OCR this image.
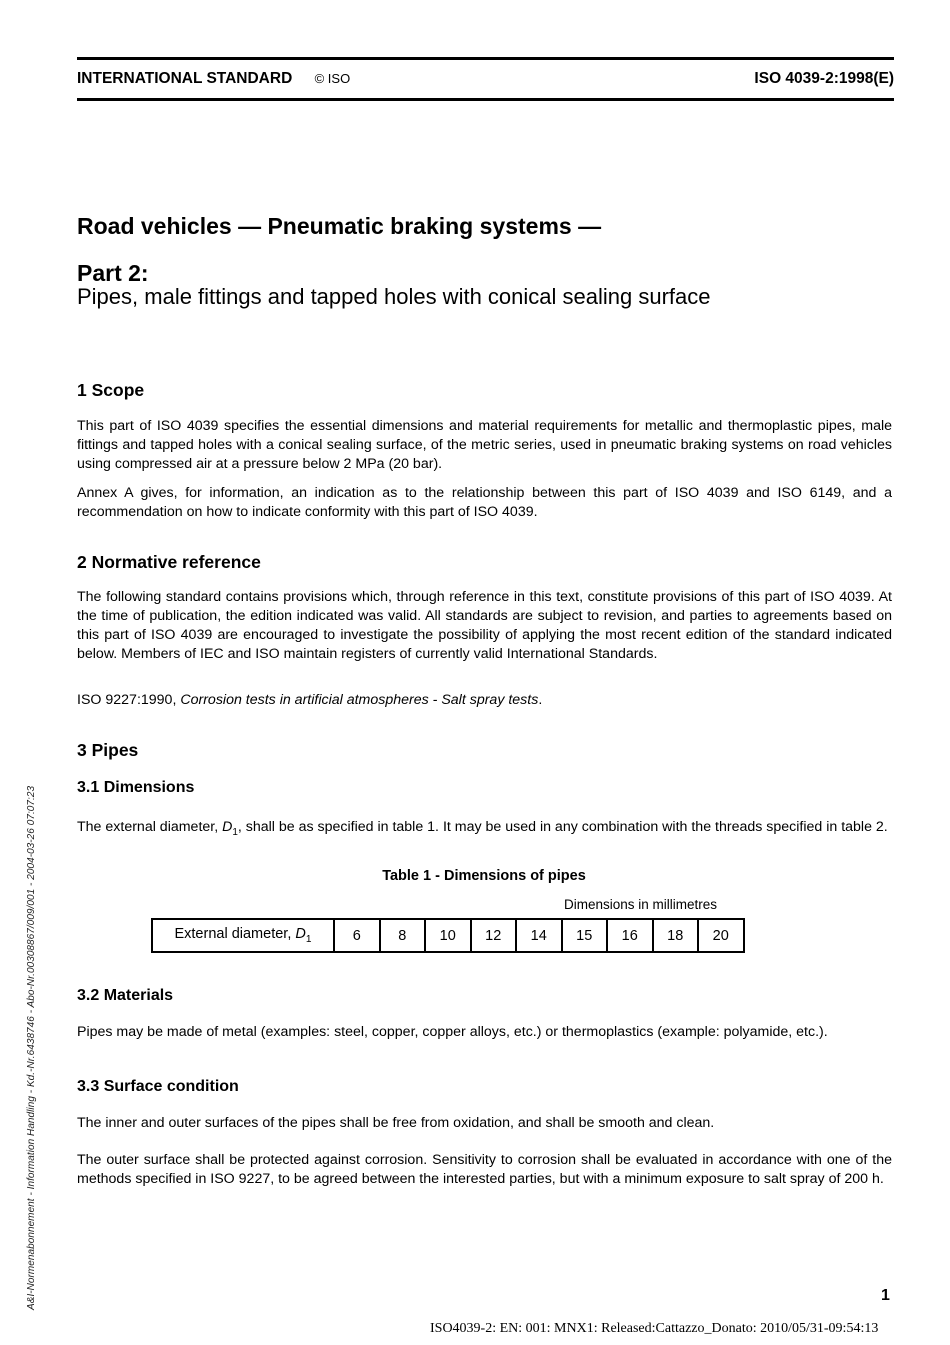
INTERNATIONAL STANDARD © ISO	ISO 4039-2:1998(E)
Road vehicles — Pneumatic braking systems —
Part 2:
Pipes, male fittings and tapped holes with conical sealing surface
1 Scope
This part of ISO 4039 specifies the essential dimensions and material requirements for metallic and thermoplastic pipes, male fittings and tapped holes with a conical sealing surface, of the metric series, used in pneumatic braking systems on road vehicles using compressed air at a pressure below 2 MPa (20 bar).
Annex A gives, for information, an indication as to the relationship between this part of ISO 4039 and ISO 6149, and a recommendation on how to indicate conformity with this part of ISO 4039.
2 Normative reference
The following standard contains provisions which, through reference in this text, constitute provisions of this part of ISO 4039. At the time of publication, the edition indicated was valid. All standards are subject to revision, and parties to agreements based on this part of ISO 4039 are encouraged to investigate the possibility of applying the most recent edition of the standard indicated below. Members of IEC and ISO maintain registers of currently valid International Standards.
ISO 9227:1990, Corrosion tests in artificial atmospheres - Salt spray tests.
3 Pipes
3.1 Dimensions
The external diameter, $D_1$, shall be as specified in table 1. It may be used in any combination with the threads specified in table 2.
Table 1 - Dimensions of pipes
Dimensions in millimetres
External diameter, $D_1$	6	8	10	12	14	15	16	18	20
3.2 Materials
Pipes may be made of metal (examples: steel, copper, copper alloys, etc.) or thermoplastics (example: polyamide, etc.).
3.3 Surface condition
The inner and outer surfaces of the pipes shall be free from oxidation, and shall be smooth and clean.
The outer surface shall be protected against corrosion. Sensitivity to corrosion shall be evaluated in accordance with one of the methods specified in ISO 9227, to be agreed between the interested parties, but with a minimum exposure to salt spray of 200 h.
A&I-Normenabonnement - Information Handling - Kd.-Nr.6438746 - Abo-Nr.00308867/009/001 - 2004-03-26 07:07:23	1
ISO4039-2: EN: 001: MNX1: Released:Cattazzo_Donato: 2010/05/31-09:54:13
